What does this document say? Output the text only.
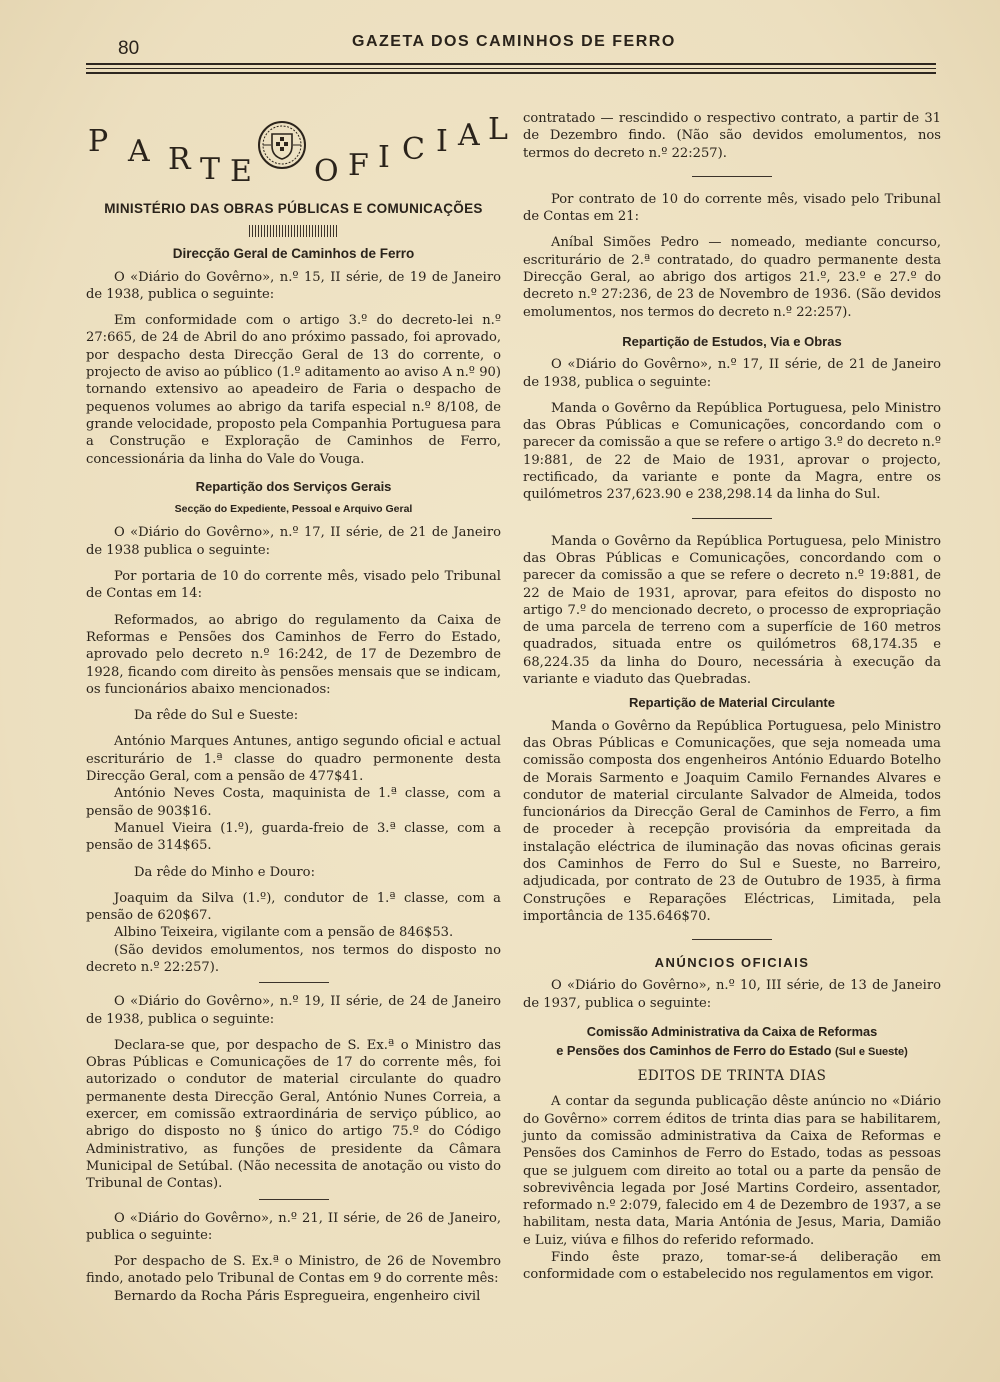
80	GAZETA DOS CAMINHOS DE FERRO
P A R T E O F I C I A L
MINISTÉRIO DAS OBRAS PÚBLICAS E COMUNICAÇÕES
Direcção Geral de Caminhos de Ferro

O «Diário do Govêrno», n.º 15, II série, de 19 de Janeiro de 1938, publica o seguinte:

Em conformidade com o artigo 3.º do decreto-lei n.º 27:665, de 24 de Abril do ano próximo passado, foi aprovado, por despacho desta Direcção Geral de 13 do corrente, o projecto de aviso ao público (1.º aditamento ao aviso A n.º 90) tornando extensivo ao apeadeiro de Faria o despacho de pequenos volumes ao abrigo da tarifa especial n.º 8/108, de grande velocidade, proposto pela Companhia Portuguesa para a Construção e Exploração de Caminhos de Ferro, concessionária da linha do Vale do Vouga.

Repartição dos Serviços Gerais
Secção do Expediente, Pessoal e Arquivo Geral

O «Diário do Govêrno», n.º 17, II série, de 21 de Janeiro de 1938 publica o seguinte:

Por portaria de 10 do corrente mês, visado pelo Tribunal de Contas em 14:

Reformados, ao abrigo do regulamento da Caixa de Reformas e Pensões dos Caminhos de Ferro do Estado, aprovado pelo decreto n.º 16:242, de 17 de Dezembro de 1928, ficando com direito às pensões mensais que se indicam, os funcionários abaixo mencionados:

Da rêde do Sul e Sueste:

António Marques Antunes, antigo segundo oficial e actual escriturário de 1.ª classe do quadro permonente desta Direcção Geral, com a pensão de 477$41.

António Neves Costa, maquinista de 1.ª classe, com a pensão de 903$16.

Manuel Vieira (1.º), guarda-freio de 3.ª classe, com a pensão de 314$65.

Da rêde do Minho e Douro:

Joaquim da Silva (1.º), condutor de 1.ª classe, com a pensão de 620$67.

Albino Teixeira, vigilante com a pensão de 846$53.

(São devidos emolumentos, nos termos do disposto no decreto n.º 22:257).

O «Diário do Govêrno», n.º 19, II série, de 24 de Janeiro de 1938, publica o seguinte:

Declara-se que, por despacho de S. Ex.ª o Ministro das Obras Públicas e Comunicações de 17 do corrente mês, foi autorizado o condutor de material circulante do quadro permanente desta Direcção Geral, António Nunes Correia, a exercer, em comissão extraordinária de serviço público, ao abrigo do disposto no § único do artigo 75.º do Código Administrativo, as funções de presidente da Câmara Municipal de Setúbal. (Não necessita de anotação ou visto do Tribunal de Contas).

O «Diário do Govêrno», n.º 21, II série, de 26 de Janeiro, publica o seguinte:

Por despacho de S. Ex.ª o Ministro, de 26 de Novembro findo, anotado pelo Tribunal de Contas em 9 do corrente mês:

Bernardo da Rocha Páris Espregueira, engenheiro civil

contratado — rescindido o respectivo contrato, a partir de 31 de Dezembro findo. (Não são devidos emolumentos, nos termos do decreto n.º 22:257).

Por contrato de 10 do corrente mês, visado pelo Tribunal de Contas em 21:

Aníbal Simões Pedro — nomeado, mediante concurso, escriturário de 2.ª contratado, do quadro permanente desta Direcção Geral, ao abrigo dos artigos 21.º, 23.º e 27.º do decreto n.º 27:236, de 23 de Novembro de 1936. (São devidos emolumentos, nos termos do decreto n.º 22:257).

Repartição de Estudos, Via e Obras

O «Diário do Govêrno», n.º 17, II série, de 21 de Janeiro de 1938, publica o seguinte:

Manda o Govêrno da República Portuguesa, pelo Ministro das Obras Públicas e Comunicações, concordando com o parecer da comissão a que se refere o artigo 3.º do decreto n.º 19:881, de 22 de Maio de 1931, aprovar o projecto, rectificado, da variante e ponte da Magra, entre os quilómetros 237,623.90 e 238,298.14 da linha do Sul.

Manda o Govêrno da República Portuguesa, pelo Ministro das Obras Públicas e Comunicações, concordando com o parecer da comissão a que se refere o decreto n.º 19:881, de 22 de Maio de 1931, aprovar, para efeitos do disposto no artigo 7.º do mencionado decreto, o processo de expropriação de uma parcela de terreno com a superfície de 160 metros quadrados, situada entre os quilómetros 68,174.35 e 68,224.35 da linha do Douro, necessária à execução da variante e viaduto das Quebradas.

Repartição de Material Circulante

Manda o Govêrno da República Portuguesa, pelo Ministro das Obras Públicas e Comunicações, que seja nomeada uma comissão composta dos engenheiros António Eduardo Botelho de Morais Sarmento e Joaquim Camilo Fernandes Alvares e condutor de material circulante Salvador de Almeida, todos funcionários da Direcção Geral de Caminhos de Ferro, a fim de proceder à recepção provisória da empreitada da instalação eléctrica de iluminação das novas oficinas gerais dos Caminhos de Ferro do Sul e Sueste, no Barreiro, adjudicada, por contrato de 23 de Outubro de 1935, à firma Construções e Reparações Eléctricas, Limitada, pela importância de 135.646$70.

ANÚNCIOS OFICIAIS

O «Diário do Govêrno», n.º 10, III série, de 13 de Janeiro de 1937, publica o seguinte:

Comissão Administrativa da Caixa de Reformas
e Pensões dos Caminhos de Ferro do Estado (Sul e Sueste)
EDITOS DE TRINTA DIAS

A contar da segunda publicação dêste anúncio no «Diário do Govêrno» correm éditos de trinta dias para se habilitarem, junto da comissão administrativa da Caixa de Reformas e Pensões dos Caminhos de Ferro do Estado, todas as pessoas que se julguem com direito ao total ou a parte da pensão de sobrevivência legada por José Martins Cordeiro, assentador, reformado n.º 2:079, falecido em 4 de Dezembro de 1937, a se habilitam, nesta data, Maria Antónia de Jesus, Maria, Damião e Luiz, viúva e filhos do referido reformado.

Findo êste prazo, tomar-se-á deliberação em conformidade com o estabelecido nos regulamentos em vigor.
